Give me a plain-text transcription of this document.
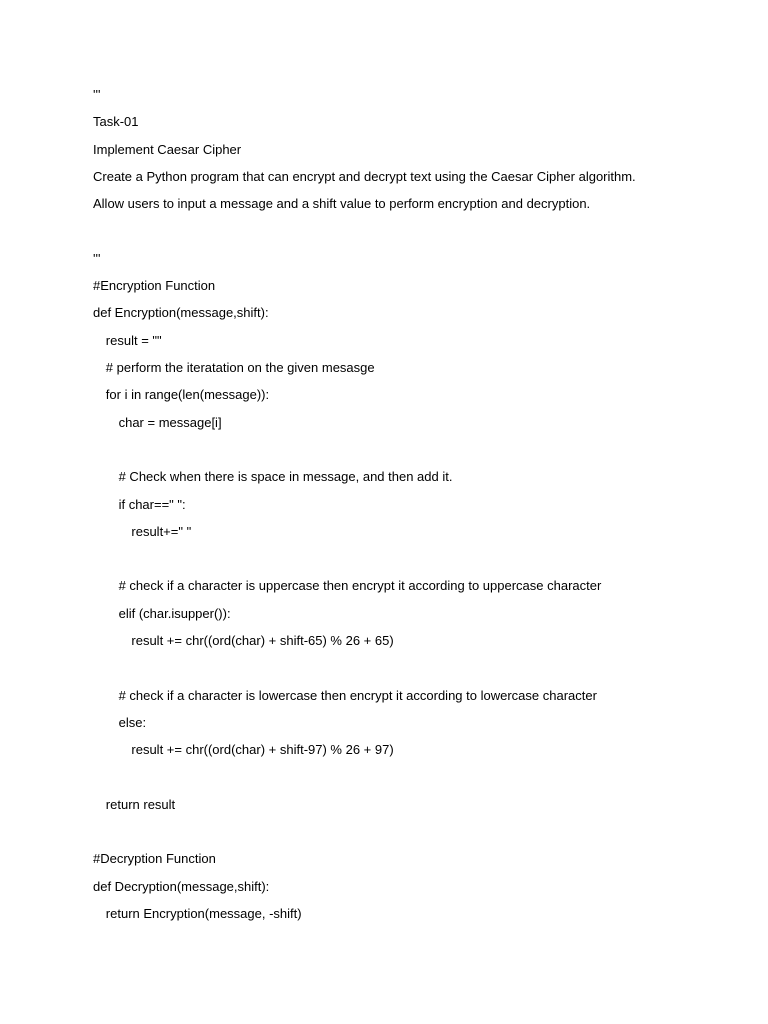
'''
Task-01
Implement Caesar Cipher
Create a Python program that can encrypt and decrypt text using the Caesar Cipher algorithm.
Allow users to input a message and a shift value to perform encryption and decryption.
'''
#Encryption Function
def Encryption(message,shift):
result = ""
# perform the iteratation on the given mesasge
for i in range(len(message)):
char = message[i]
# Check when there is space in message, and then add it.
if char==" ":
result+=" "
# check if a character is uppercase then encrypt it according to uppercase character
elif (char.isupper()):
result += chr((ord(char) + shift-65) % 26 + 65)
# check if a character is lowercase then encrypt it according to lowercase character
else:
result += chr((ord(char) + shift-97) % 26 + 97)
return result
#Decryption Function
def Decryption(message,shift):
return Encryption(message, -shift)
